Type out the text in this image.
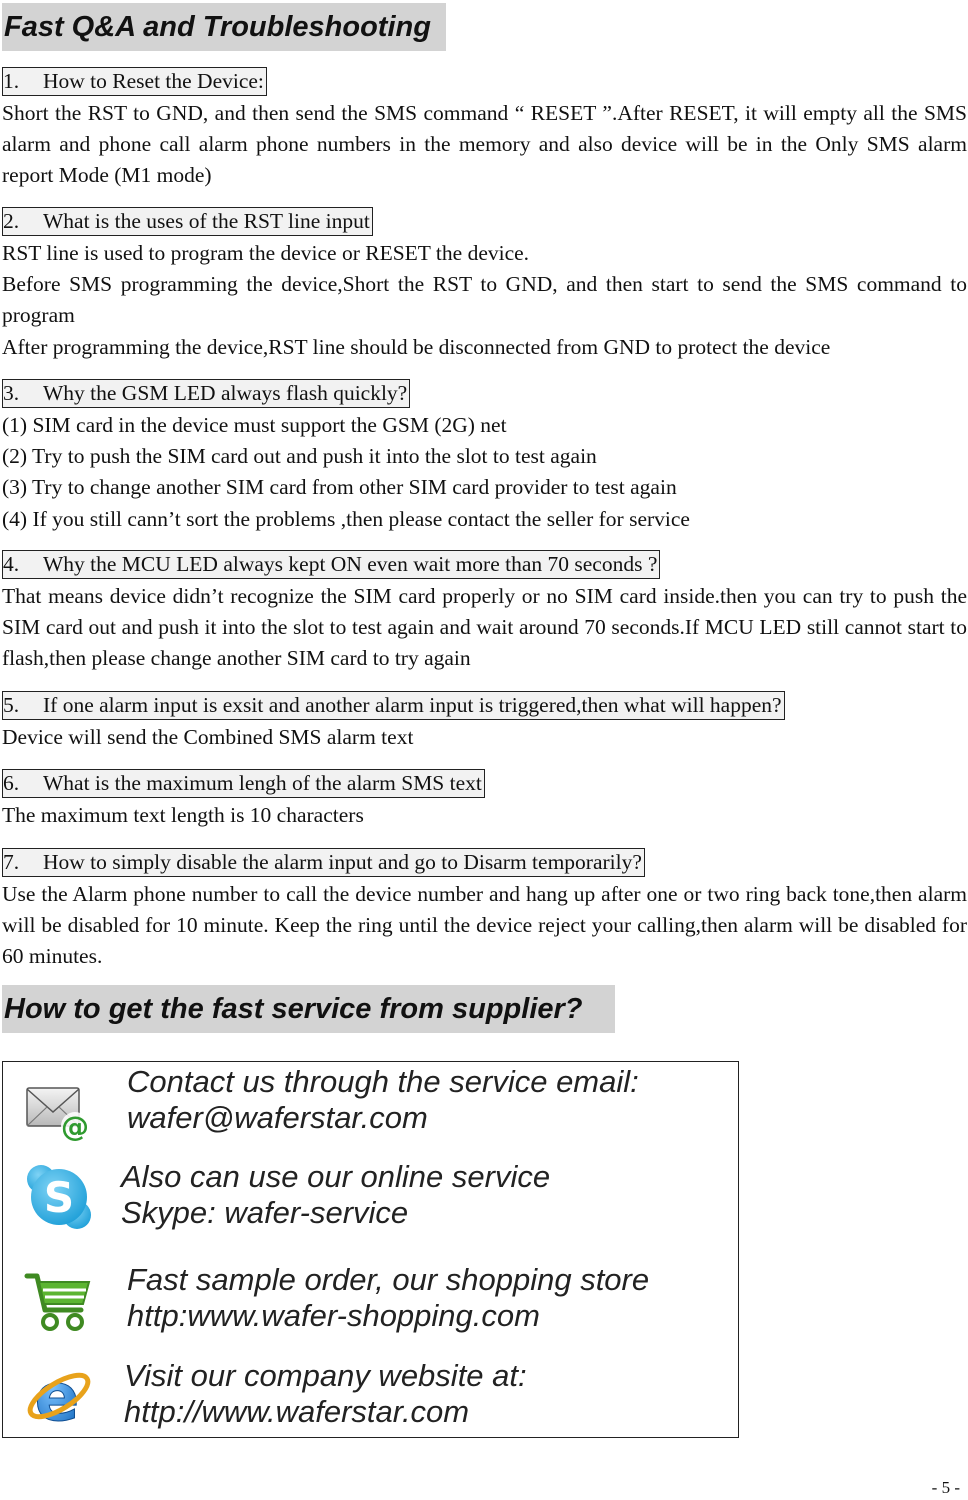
Fast Q&A and Troubleshooting
1. How to Reset the Device:

Short the RST to GND, and then send the SMS command “ RESET ”.After RESET, it will empty all the SMS alarm and phone call alarm phone numbers in the memory and also device will be in the Only SMS alarm report Mode (M1 mode)

2. What is the uses of the RST line input

RST line is used to program the device or RESET the device.

Before SMS programming the device,Short the RST to GND, and then start to send the SMS command to program

After programming the device,RST line should be disconnected from GND to protect the device

3. Why the GSM LED always flash quickly?

(1) SIM card in the device must support the GSM (2G) net

(2) Try to push the SIM card out and push it into the slot to test again

(3) Try to change another SIM card from other SIM card provider to test again

(4) If you still cann’t sort the problems ,then please contact the seller for service

4. Why the MCU LED always kept ON even wait more than 70 seconds ?

That means device didn’t recognize the SIM card properly or no SIM card inside.then you can try to push the SIM card out and push it into the slot to test again and wait around 70 seconds.If MCU LED still cannot start to flash,then please change another SIM card to try again

5. If one alarm input is exsit and another alarm input is triggered,then what will happen?

Device will send the Combined SMS alarm text

6. What is the maximum lengh of the alarm SMS text

The maximum text length is 10 characters

7. How to simply disable the alarm input and go to Disarm temporarily?

Use the Alarm phone number to call the device number and hang up after one or two ring back tone,then alarm will be disabled for 10 minute. Keep the ring until the device reject your calling,then alarm will be disabled for 60 minutes.

How to get the fast service from supplier?
@
Contact us through the service email:
wafer@waferstar.com
S Also can use our online service
Skype: wafer-service
Fast sample order, our shopping store
http:www.wafer-shopping.com
e Visit our company website at:
http://www.waferstar.com
- 5 -
